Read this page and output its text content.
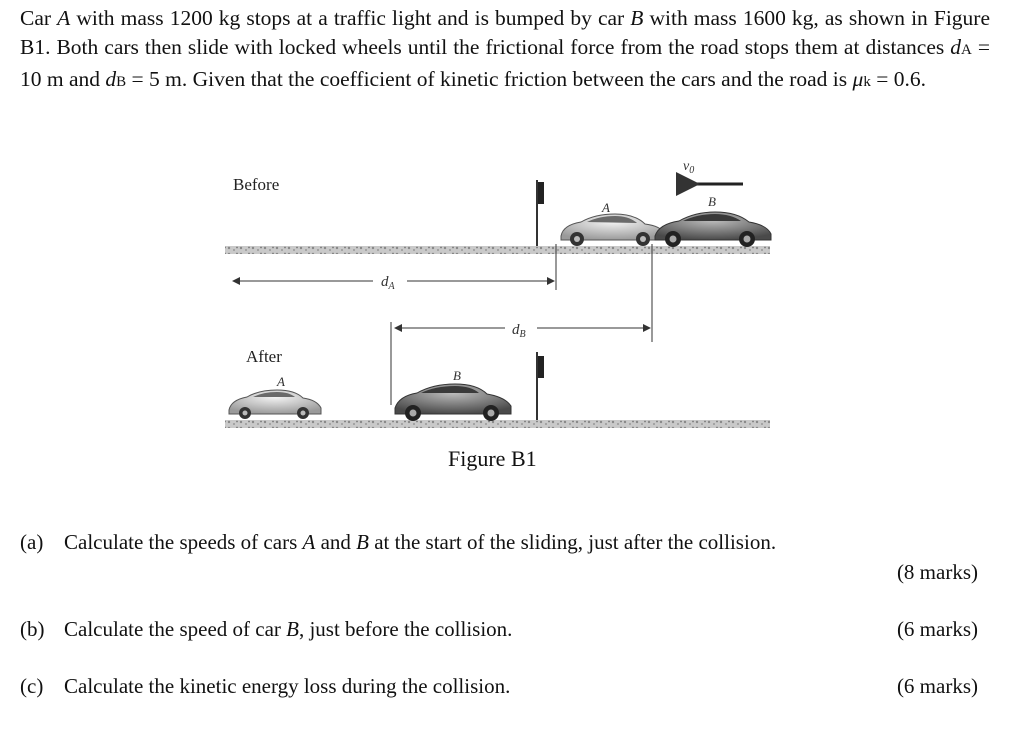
Car A with mass 1200 kg stops at a traffic light and is bumped by car B with mass 1600 kg, as shown in Figure B1. Both cars then slide with locked wheels until the frictional force from the road stops them at distances dA = 10 m and dB = 5 m. Given that the coefficient of kinetic friction between the cars and the road is μk = 0.6.

Before
A	B
$v_0$
$d_A$
$d_B$
After
A	B
Figure B1
(a) Calculate the speeds of cars A and B at the start of the sliding, just after the collision.
(8 marks)
(b) Calculate the speed of car B, just before the collision.	(6 marks)
(c) Calculate the kinetic energy loss during the collision.	(6 marks)
